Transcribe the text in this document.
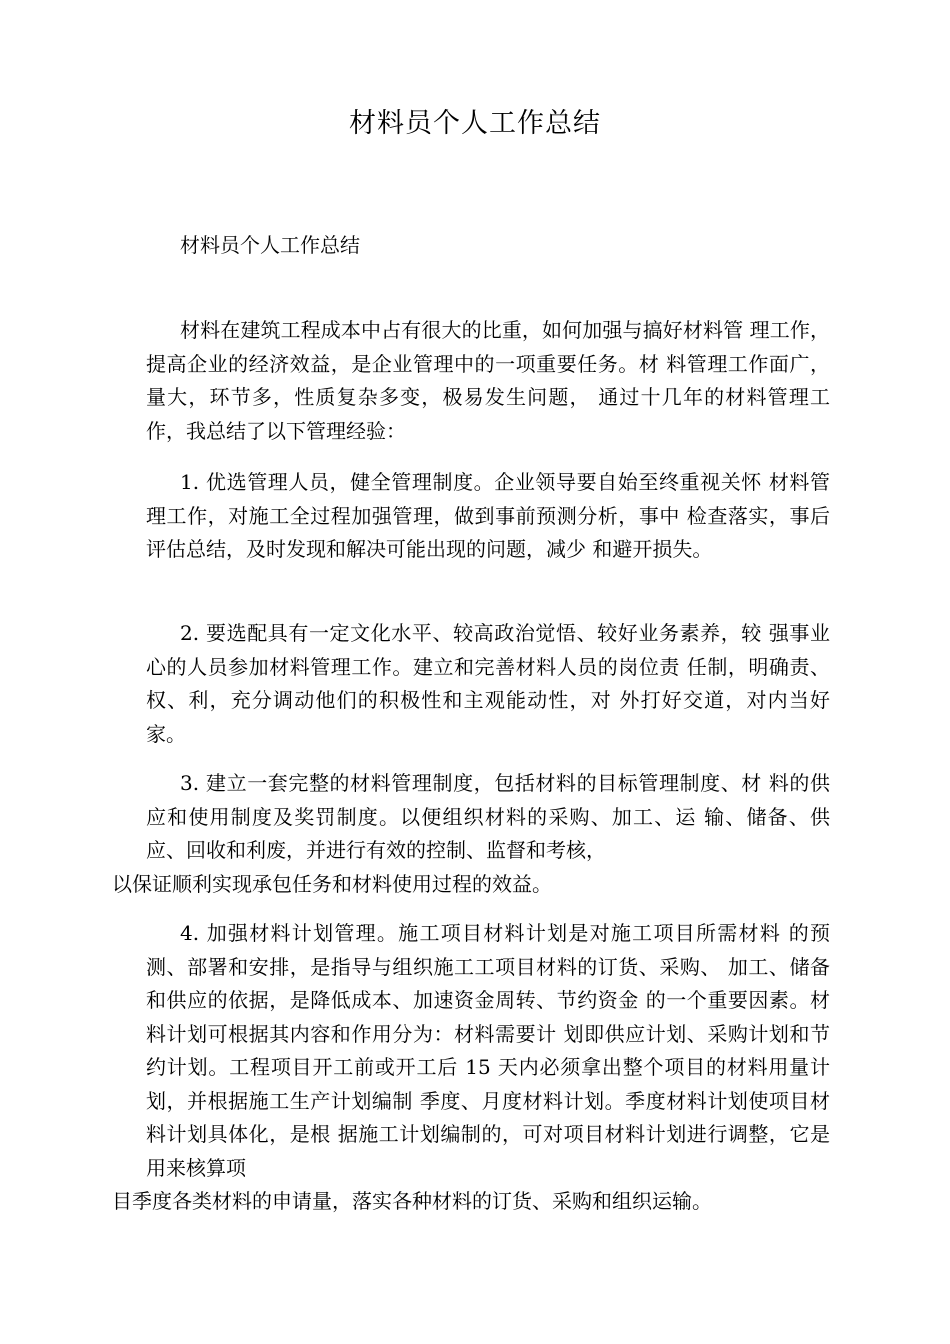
材料员个人工作总结

材料员个人工作总结

材料在建筑工程成本中占有很大的比重，如何加强与搞好材料管 理工作，提高企业的经济效益，是企业管理中的一项重要任务。材 料管理工作面广，量大，环节多，性质复杂多变，极易发生问题， 通过十几年的材料管理工作，我总结了以下管理经验：

1. 优选管理人员，健全管理制度。企业领导要自始至终重视关怀 材料管理工作，对施工全过程加强管理，做到事前预测分析，事中 检查落实，事后评估总结，及时发现和解决可能出现的问题，减少 和避开损失。

2. 要选配具有一定文化水平、较高政治觉悟、较好业务素养，较 强事业心的人员参加材料管理工作。建立和完善材料人员的岗位责 任制，明确责、权、利，充分调动他们的积极性和主观能动性，对 外打好交道，对内当好家。

3. 建立一套完整的材料管理制度，包括材料的目标管理制度、材 料的供应和使用制度及奖罚制度。以便组织材料的采购、加工、运 输、储备、供应、回收和利废，并进行有效的控制、监督和考核，
以保证顺利实现承包任务和材料使用过程的效益。

4. 加强材料计划管理。施工项目材料计划是对施工项目所需材料 的预测、部署和安排，是指导与组织施工工项目材料的订货、采购、 加工、储备和供应的依据，是降低成本、加速资金周转、节约资金 的一个重要因素。材料计划可根据其内容和作用分为：材料需要计 划即供应计划、采购计划和节约计划。工程项目开工前或开工后 15 天内必须拿出整个项目的材料用量计划，并根据施工生产计划编制 季度、月度材料计划。季度材料计划使项目材料计划具体化，是根 据施工计划编制的，可对项目材料计划进行调整，它是用来核算项
目季度各类材料的申请量，落实各种材料的订货、采购和组织运输。
